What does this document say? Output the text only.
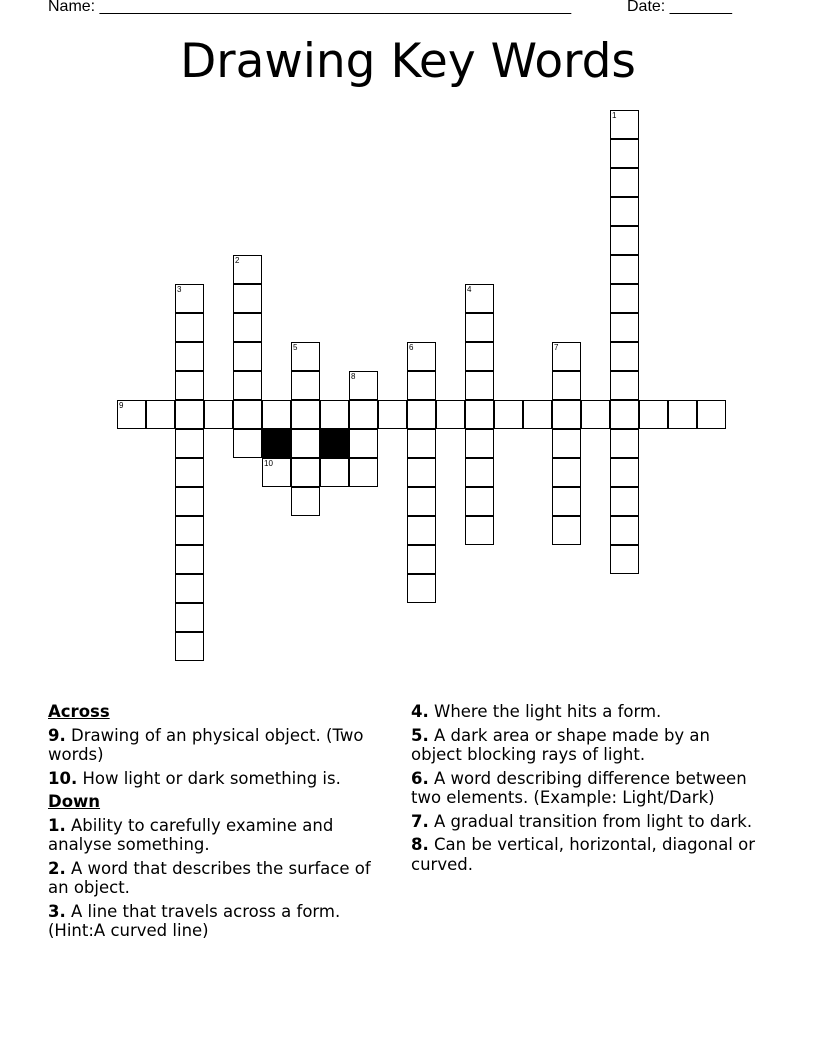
Name: _____________________________________________________	Date: _______
Drawing Key Words
1
2
3	4
5	6	7
8
9
10
Across
9. Drawing of an physical object. (Two words)
10. How light or dark something is.
Down
1. Ability to carefully examine and analyse something.
2. A word that describes the surface of an object.
3. A line that travels across a form. (Hint:A curved line)
4. Where the light hits a form.
5. A dark area or shape made by an object blocking rays of light.
6. A word describing difference between two elements. (Example: Light/Dark)
7. A gradual transition from light to dark.
8. Can be vertical, horizontal, diagonal or curved.
